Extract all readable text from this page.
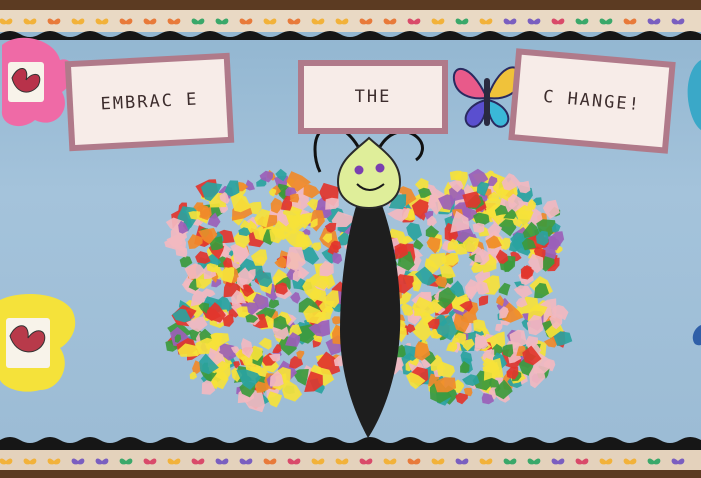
EMBRAC E	THE	C HANGE!
